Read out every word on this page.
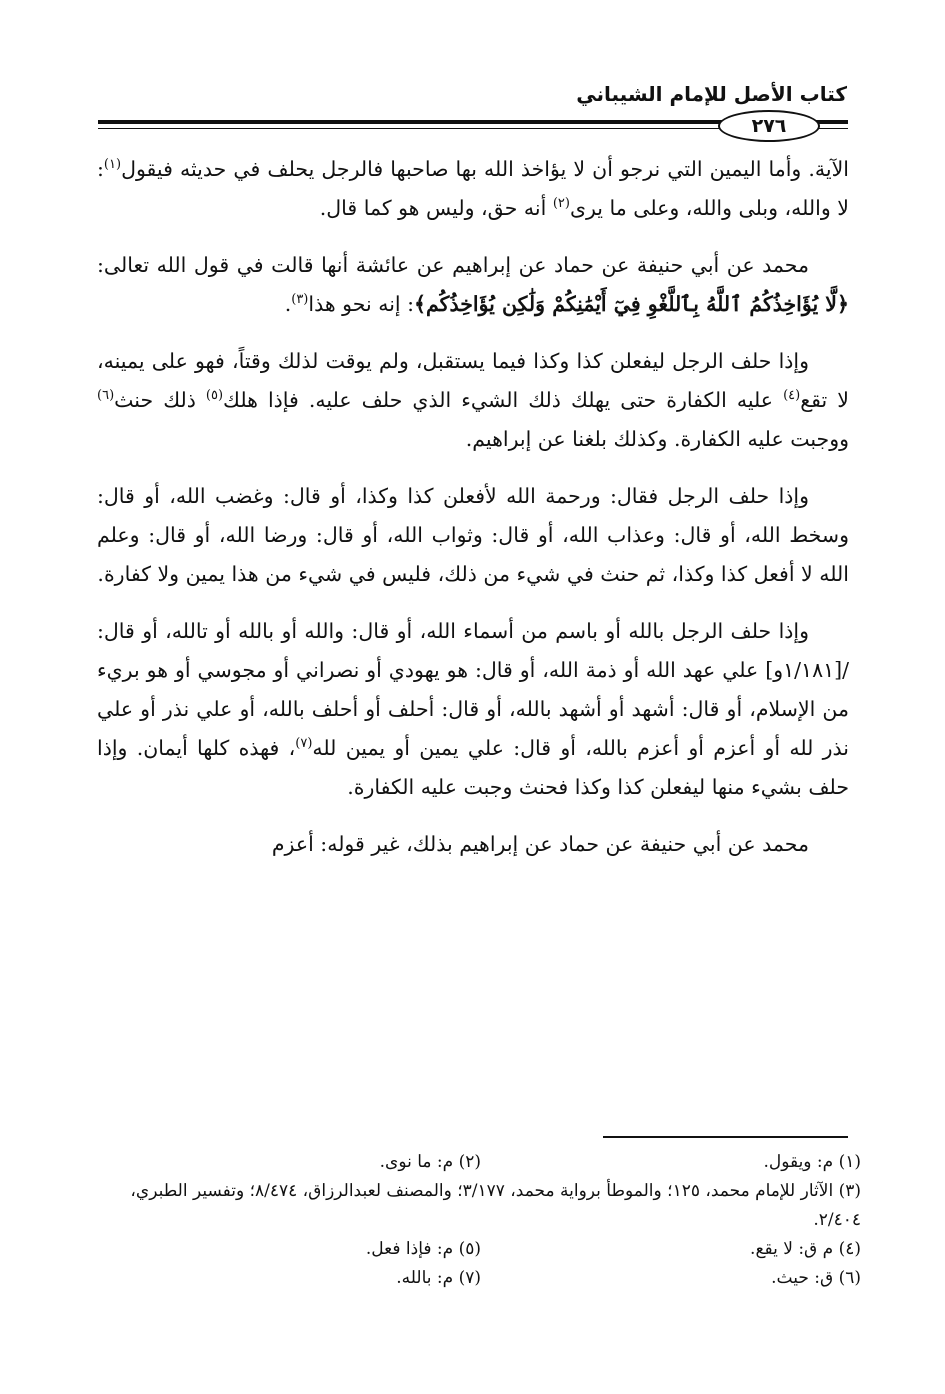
كتاب الأصل للإمام الشيباني
٢٧٦

الآية. وأما اليمين التي نرجو أن لا يؤاخذ الله بها صاحبها فالرجل يحلف في حديثه فيقول$^{(١)}$: لا والله، وبلى والله، وعلى ما يرى$^{(٢)}$ أنه حق، وليس هو كما قال.

محمد عن أبي حنيفة عن حماد عن إبراهيم عن عائشة أنها قالت في قول الله تعالى: ﴿لَّا يُؤَاخِذُكُمُ ٱللَّهُ بِٱللَّغْوِ فِيٓ أَيْمَٰنِكُمْ وَلَٰكِن يُؤَاخِذُكُم﴾: إنه نحو هذا$^{(٣)}$.

وإذا حلف الرجل ليفعلن كذا وكذا فيما يستقبل، ولم يوقت لذلك وقتاً، فهو على يمينه، لا تقع$^{(٤)}$ عليه الكفارة حتى يهلك ذلك الشيء الذي حلف عليه. فإذا هلك$^{(٥)}$ ذلك حنث$^{(٦)}$ ووجبت عليه الكفارة. وكذلك بلغنا عن إبراهيم.

وإذا حلف الرجل فقال: ورحمة الله لأفعلن كذا وكذا، أو قال: وغضب الله، أو قال: وسخط الله، أو قال: وعذاب الله، أو قال: وثواب الله، أو قال: ورضا الله، أو قال: وعلم الله لا أفعل كذا وكذا، ثم حنث في شيء من ذلك، فليس في شيء من هذا يمين ولا كفارة.

وإذا حلف الرجل بالله أو باسم من أسماء الله، أو قال: والله أو بالله أو تالله، أو قال: /[١/١٨١و] علي عهد الله أو ذمة الله، أو قال: هو يهودي أو نصراني أو مجوسي أو هو بريء من الإسلام، أو قال: أشهد أو أشهد بالله، أو قال: أحلف أو أحلف بالله، أو علي نذر أو علي نذر لله أو أعزم أو أعزم بالله، أو قال: علي يمين أو يمين لله$^{(٧)}$، فهذه كلها أيمان. وإذا حلف بشيء منها ليفعلن كذا وكذا فحنث وجبت عليه الكفارة.

محمد عن أبي حنيفة عن حماد عن إبراهيم بذلك، غير قوله: أعزم

(١) م: ويقول.
(٢) م: ما نوى.
(٣) الآثار للإمام محمد، ١٢٥؛ والموطأ برواية محمد، ٣/١٧٧؛ والمصنف لعبدالرزاق، ٨/٤٧٤؛ وتفسير الطبري، ٢/٤٠٤.
(٤) م ق: لا يقع.
(٥) م: فإذا فعل.
(٦) ق: حيث.
(٧) م: بالله.
